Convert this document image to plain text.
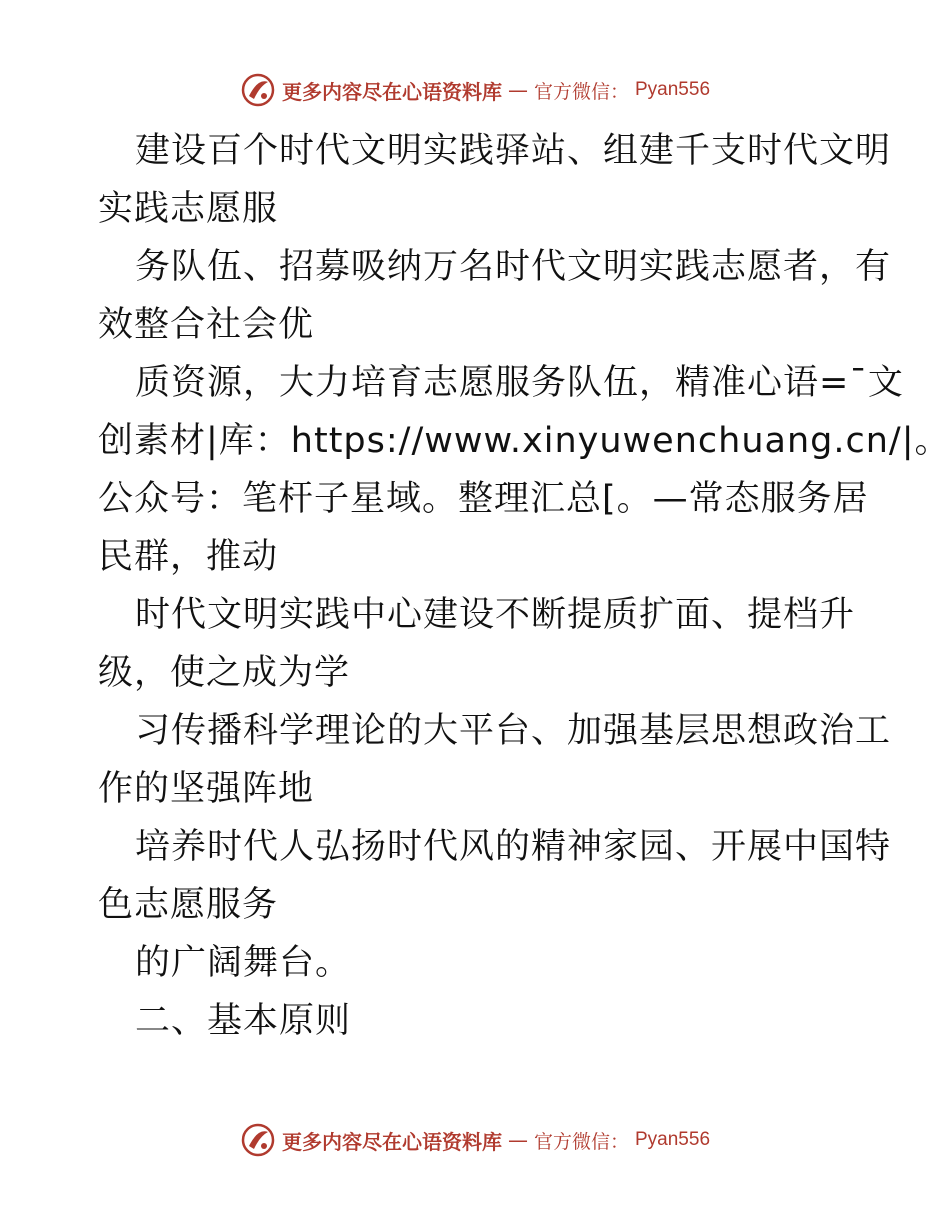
更多内容尽在心语资料库 — 官方微信： Pyan556
建设百个时代文明实践驿站、组建千支时代文明
实践志愿服
务队伍、招募吸纳万名时代文明实践志愿者，有
效整合社会优
质资源，大力培育志愿服务队伍，精准心语=¯文
创素材|库：https://www.xinyuwenchuang.cn/|。
公众号：笔杆子星域。整理汇总[。—常态服务居
民群，推动
时代文明实践中心建设不断提质扩面、提档升
级，使之成为学
习传播科学理论的大平台、加强基层思想政治工
作的坚强阵地
培养时代人弘扬时代风的精神家园、开展中国特
色志愿服务
的广阔舞台。
二、基本原则
更多内容尽在心语资料库 — 官方微信： Pyan556
